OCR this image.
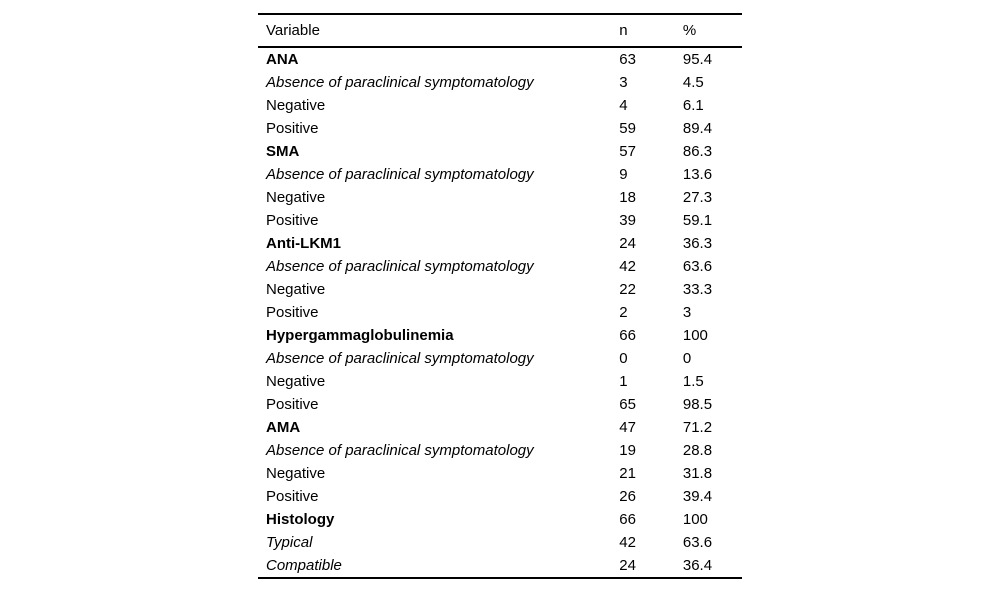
Variable	n	%
ANA	63	95.4
Absence of paraclinical symptomatology	3	4.5
Negative	4	6.1
Positive	59	89.4
SMA	57	86.3
Absence of paraclinical symptomatology	9	13.6
Negative	18	27.3
Positive	39	59.1
Anti-LKM1	24	36.3
Absence of paraclinical symptomatology	42	63.6
Negative	22	33.3
Positive	2	3
Hypergammaglobulinemia	66	100
Absence of paraclinical symptomatology	0	0
Negative	1	1.5
Positive	65	98.5
AMA	47	71.2
Absence of paraclinical symptomatology	19	28.8
Negative	21	31.8
Positive	26	39.4
Histology	66	100
Typical	42	63.6
Compatible	24	36.4
